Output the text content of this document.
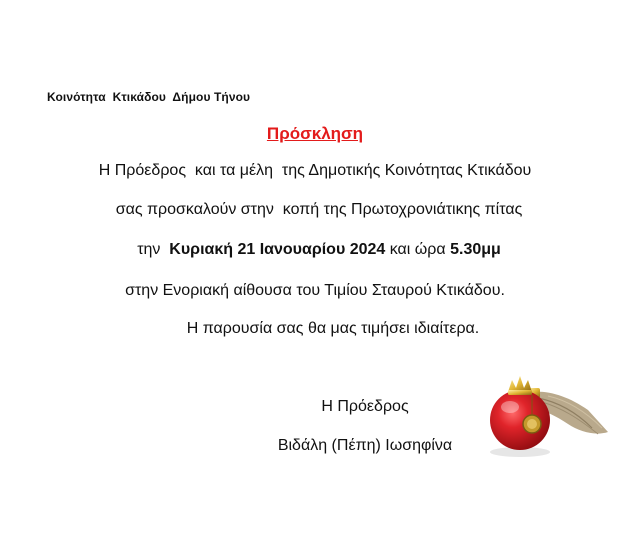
Κοινότητα  Κτικάδου  Δήμου Τήνου
Πρόσκληση
Η Πρόεδρος  και τα μέλη  της Δημοτικής Κοινότητας Κτικάδου
σας προσκαλούν στην  κοπή της Πρωτοχρονιάτικης πίτας
την  Κυριακή 21 Ιανουαρίου 2024 και ώρα 5.30μμ
στην Ενοριακή αίθουσα του Τιμίου Σταυρού Κτικάδου.
Η παρουσία σας θα μας τιμήσει ιδιαίτερα.
Η Πρόεδρος
Βιδάλη (Πέπη) Ιωσηφίνα
